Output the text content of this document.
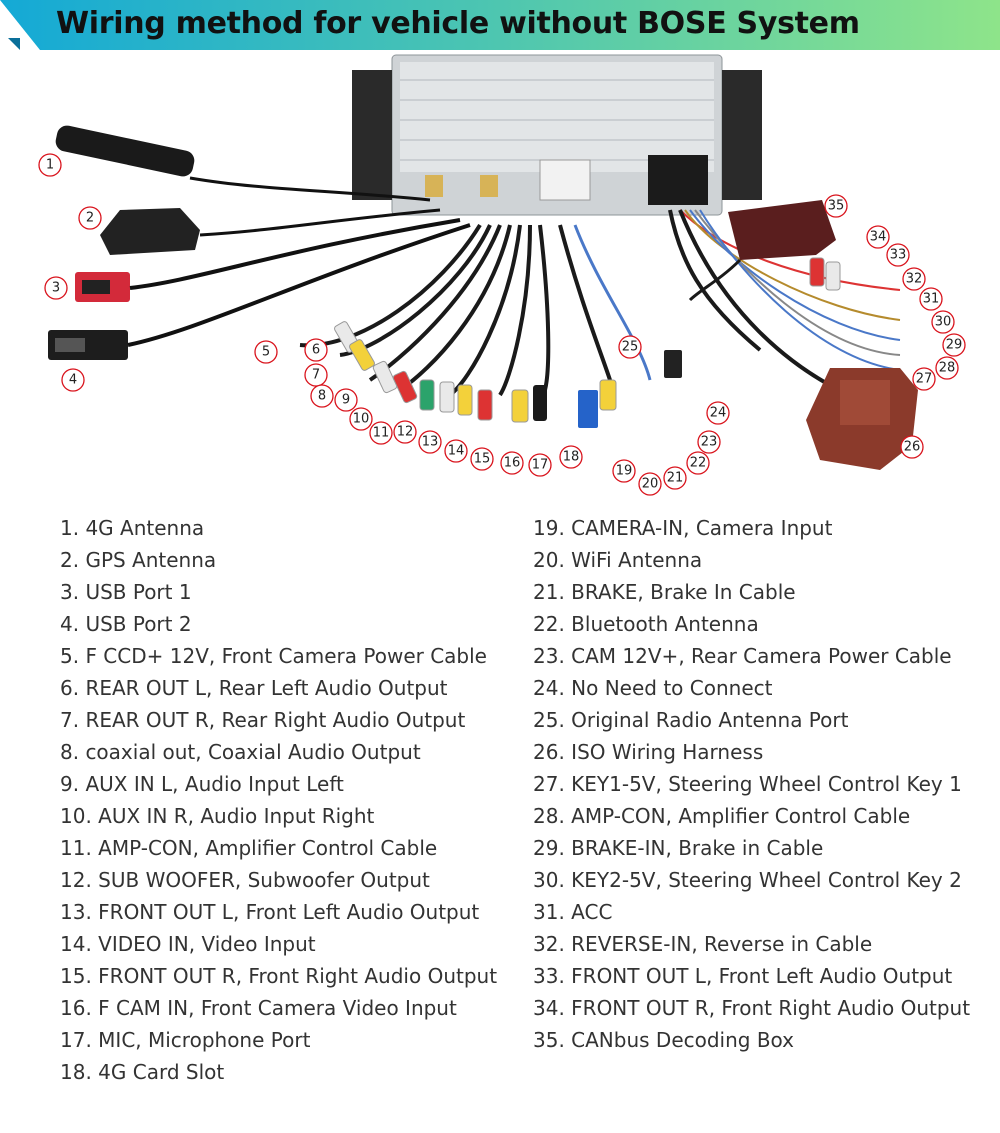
Wiring method for vehicle without BOSE System
1
2
3
4
5	6
7
8 9
10
11 12
13
14
15 16 17
18
19
20 21
22
23
24
25
26
27
28
29
30
31
32
33
34
35
1. 4G Antenna
2. GPS Antenna
3. USB Port 1
4. USB Port 2
5. F CCD+ 12V, Front Camera Power Cable
6. REAR OUT L, Rear Left Audio Output
7. REAR OUT R, Rear Right Audio Output
8. coaxial out, Coaxial Audio Output
9. AUX IN L, Audio Input Left
10. AUX IN R, Audio Input Right
11. AMP-CON, Amplifier Control Cable
12. SUB WOOFER, Subwoofer Output
13. FRONT OUT L, Front Left Audio Output
14. VIDEO IN, Video Input
15. FRONT OUT R, Front Right Audio Output
16. F CAM IN, Front Camera Video Input
17. MIC, Microphone Port
18. 4G Card Slot
19. CAMERA-IN, Camera Input
20. WiFi Antenna
21. BRAKE, Brake In Cable
22. Bluetooth Antenna
23. CAM 12V+, Rear Camera Power Cable
24. No Need to Connect
25. Original Radio Antenna Port
26. ISO Wiring Harness
27. KEY1-5V, Steering Wheel Control Key 1
28. AMP-CON, Amplifier Control Cable
29. BRAKE-IN, Brake in Cable
30. KEY2-5V, Steering Wheel Control Key 2
31. ACC
32. REVERSE-IN, Reverse in Cable
33. FRONT OUT L, Front Left Audio Output
34. FRONT OUT R, Front Right Audio Output
35. CANbus Decoding Box
